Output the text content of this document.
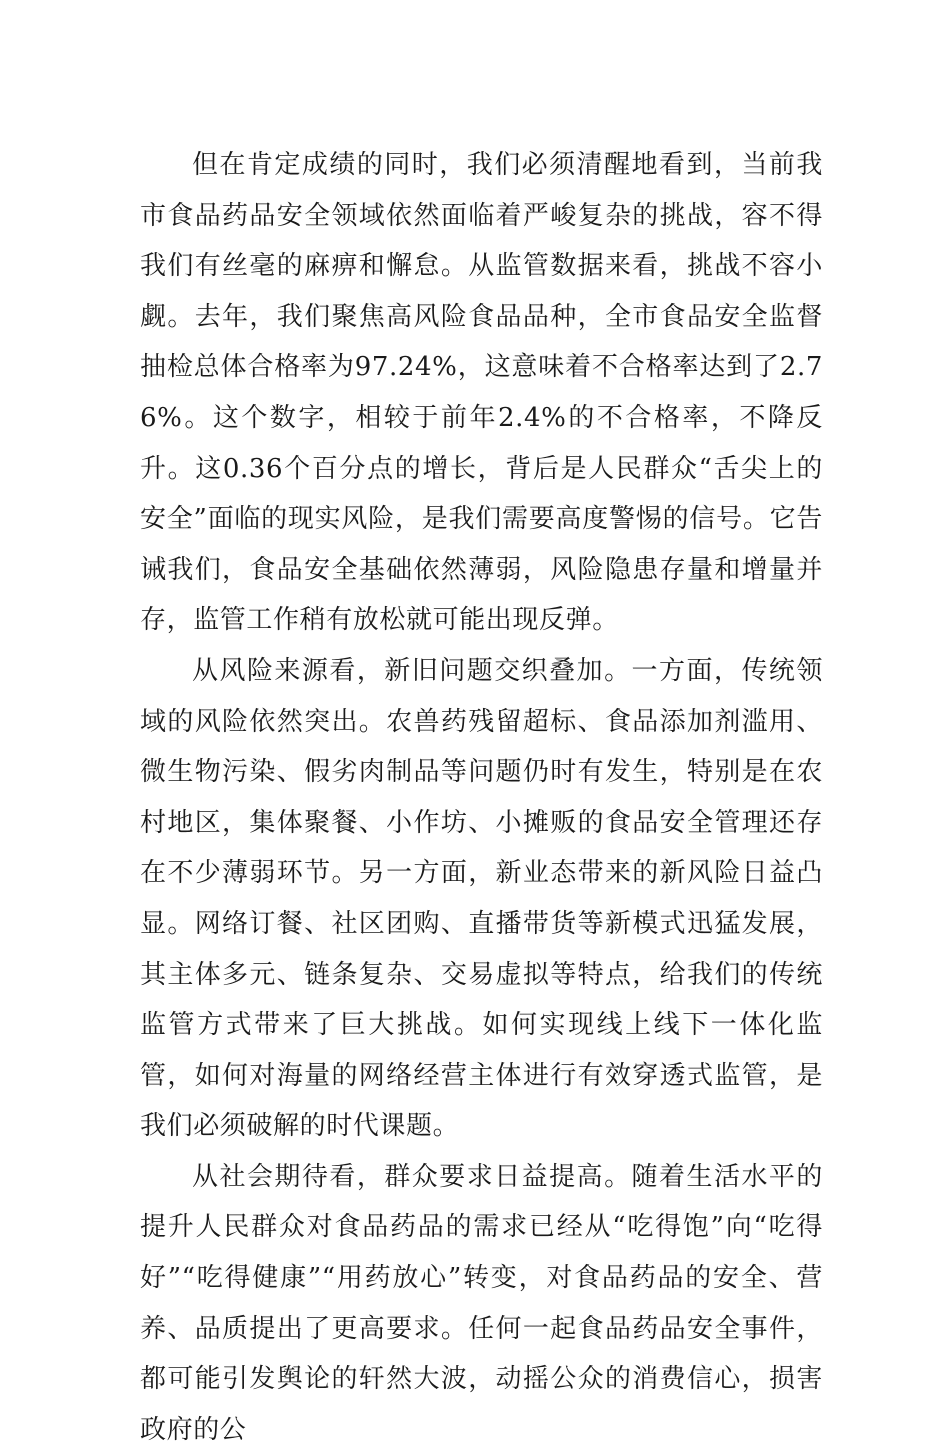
但在肯定成绩的同时，我们必须清醒地看到，当前我市食品药品安全领域依然面临着严峻复杂的挑战，容不得我们有丝毫的麻痹和懈怠。从监管数据来看，挑战不容小觑。去年，我们聚焦高风险食品品种，全市食品安全监督抽检总体合格率为97.24%，这意味着不合格率达到了2.76%。这个数字，相较于前年2.4%的不合格率，不降反升。这0.36个百分点的增长，背后是人民群众“舌尖上的安全”面临的现实风险，是我们需要高度警惕的信号。它告诫我们，食品安全基础依然薄弱，风险隐患存量和增量并存，监管工作稍有放松就可能出现反弹。

从风险来源看，新旧问题交织叠加。一方面，传统领域的风险依然突出。农兽药残留超标、食品添加剂滥用、微生物污染、假劣肉制品等问题仍时有发生，特别是在农村地区，集体聚餐、小作坊、小摊贩的食品安全管理还存在不少薄弱环节。另一方面，新业态带来的新风险日益凸显。网络订餐、社区团购、直播带货等新模式迅猛发展，其主体多元、链条复杂、交易虚拟等特点，给我们的传统监管方式带来了巨大挑战。如何实现线上线下一体化监管，如何对海量的网络经营主体进行有效穿透式监管，是我们必须破解的时代课题。

从社会期待看，群众要求日益提高。随着生活水平的提升人民群众对食品药品的需求已经从“吃得饱”向“吃得好”“吃得健康”“用药放心”转变，对食品药品的安全、营养、品质提出了更高要求。任何一起食品药品安全事件，都可能引发舆论的轩然大波，动摇公众的消费信心，损害政府的公
